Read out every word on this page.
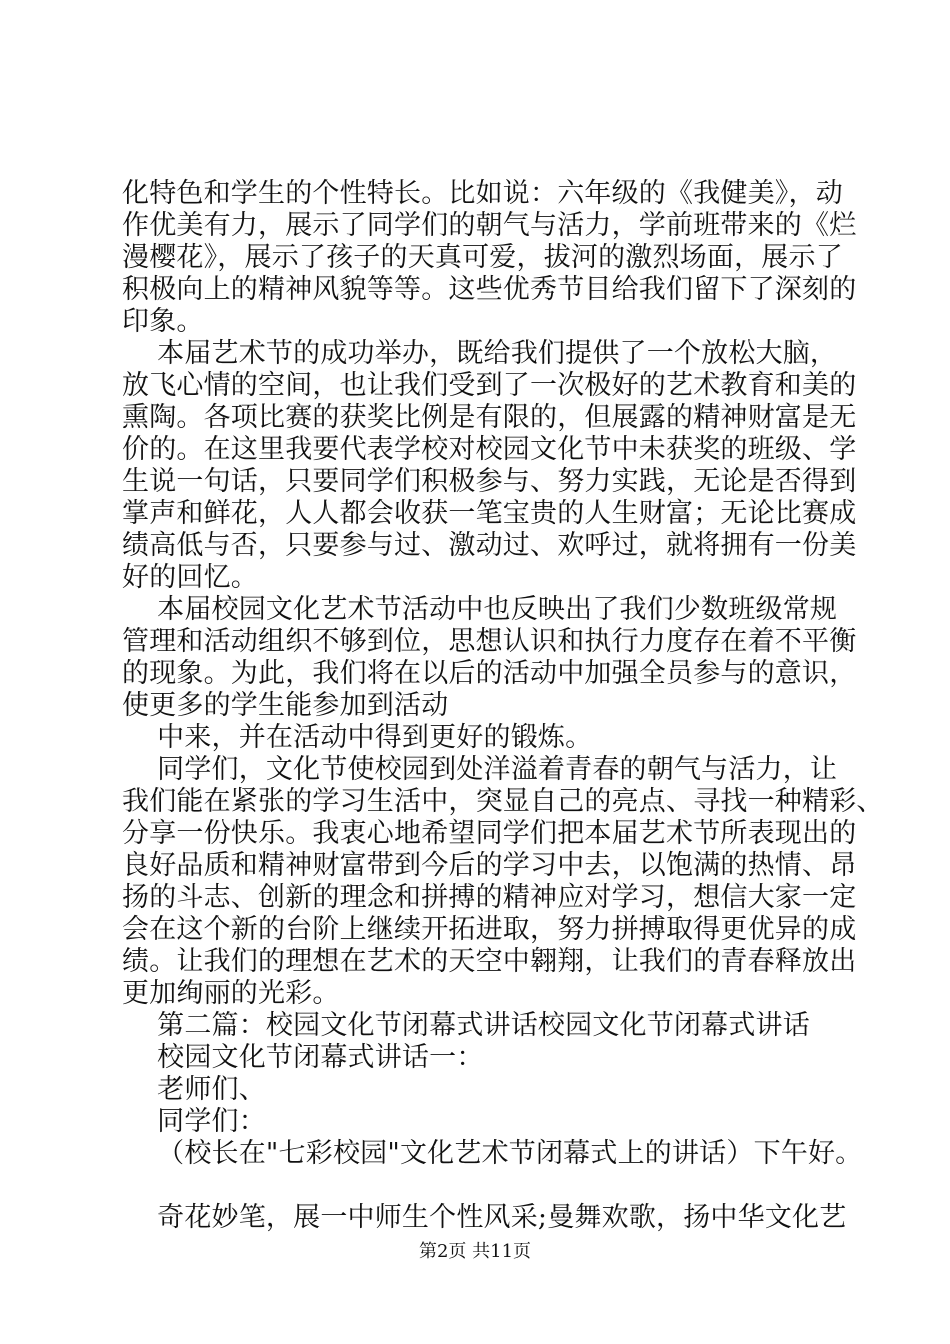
化特色和学生的个性特长。比如说：六年级的《我健美》，动
作优美有力，展示了同学们的朝气与活力，学前班带来的《烂
漫樱花》，展示了孩子的天真可爱，拔河的激烈场面，展示了
积极向上的精神风貌等等。这些优秀节目给我们留下了深刻的
印象。
本届艺术节的成功举办，既给我们提供了一个放松大脑，
放飞心情的空间，也让我们受到了一次极好的艺术教育和美的
熏陶。各项比赛的获奖比例是有限的，但展露的精神财富是无
价的。在这里我要代表学校对校园文化节中未获奖的班级、学
生说一句话，只要同学们积极参与、努力实践，无论是否得到
掌声和鲜花，人人都会收获一笔宝贵的人生财富；无论比赛成
绩高低与否，只要参与过、激动过、欢呼过，就将拥有一份美
好的回忆。
本届校园文化艺术节活动中也反映出了我们少数班级常规
管理和活动组织不够到位，思想认识和执行力度存在着不平衡
的现象。为此，我们将在以后的活动中加强全员参与的意识，
使更多的学生能参加到活动
中来，并在活动中得到更好的锻炼。
同学们，文化节使校园到处洋溢着青春的朝气与活力，让
我们能在紧张的学习生活中，突显自己的亮点、寻找一种精彩、
分享一份快乐。我衷心地希望同学们把本届艺术节所表现出的
良好品质和精神财富带到今后的学习中去，以饱满的热情、昂
扬的斗志、创新的理念和拼搏的精神应对学习，想信大家一定
会在这个新的台阶上继续开拓进取，努力拼搏取得更优异的成
绩。让我们的理想在艺术的天空中翱翔，让我们的青春释放出
更加绚丽的光彩。
第二篇：校园文化节闭幕式讲话校园文化节闭幕式讲话
校园文化节闭幕式讲话一：
老师们、
同学们：
（校长在"七彩校园"文化艺术节闭幕式上的讲话）下午好。
奇花妙笔，展一中师生个性风采;曼舞欢歌，扬中华文化艺
第2页 共11页
